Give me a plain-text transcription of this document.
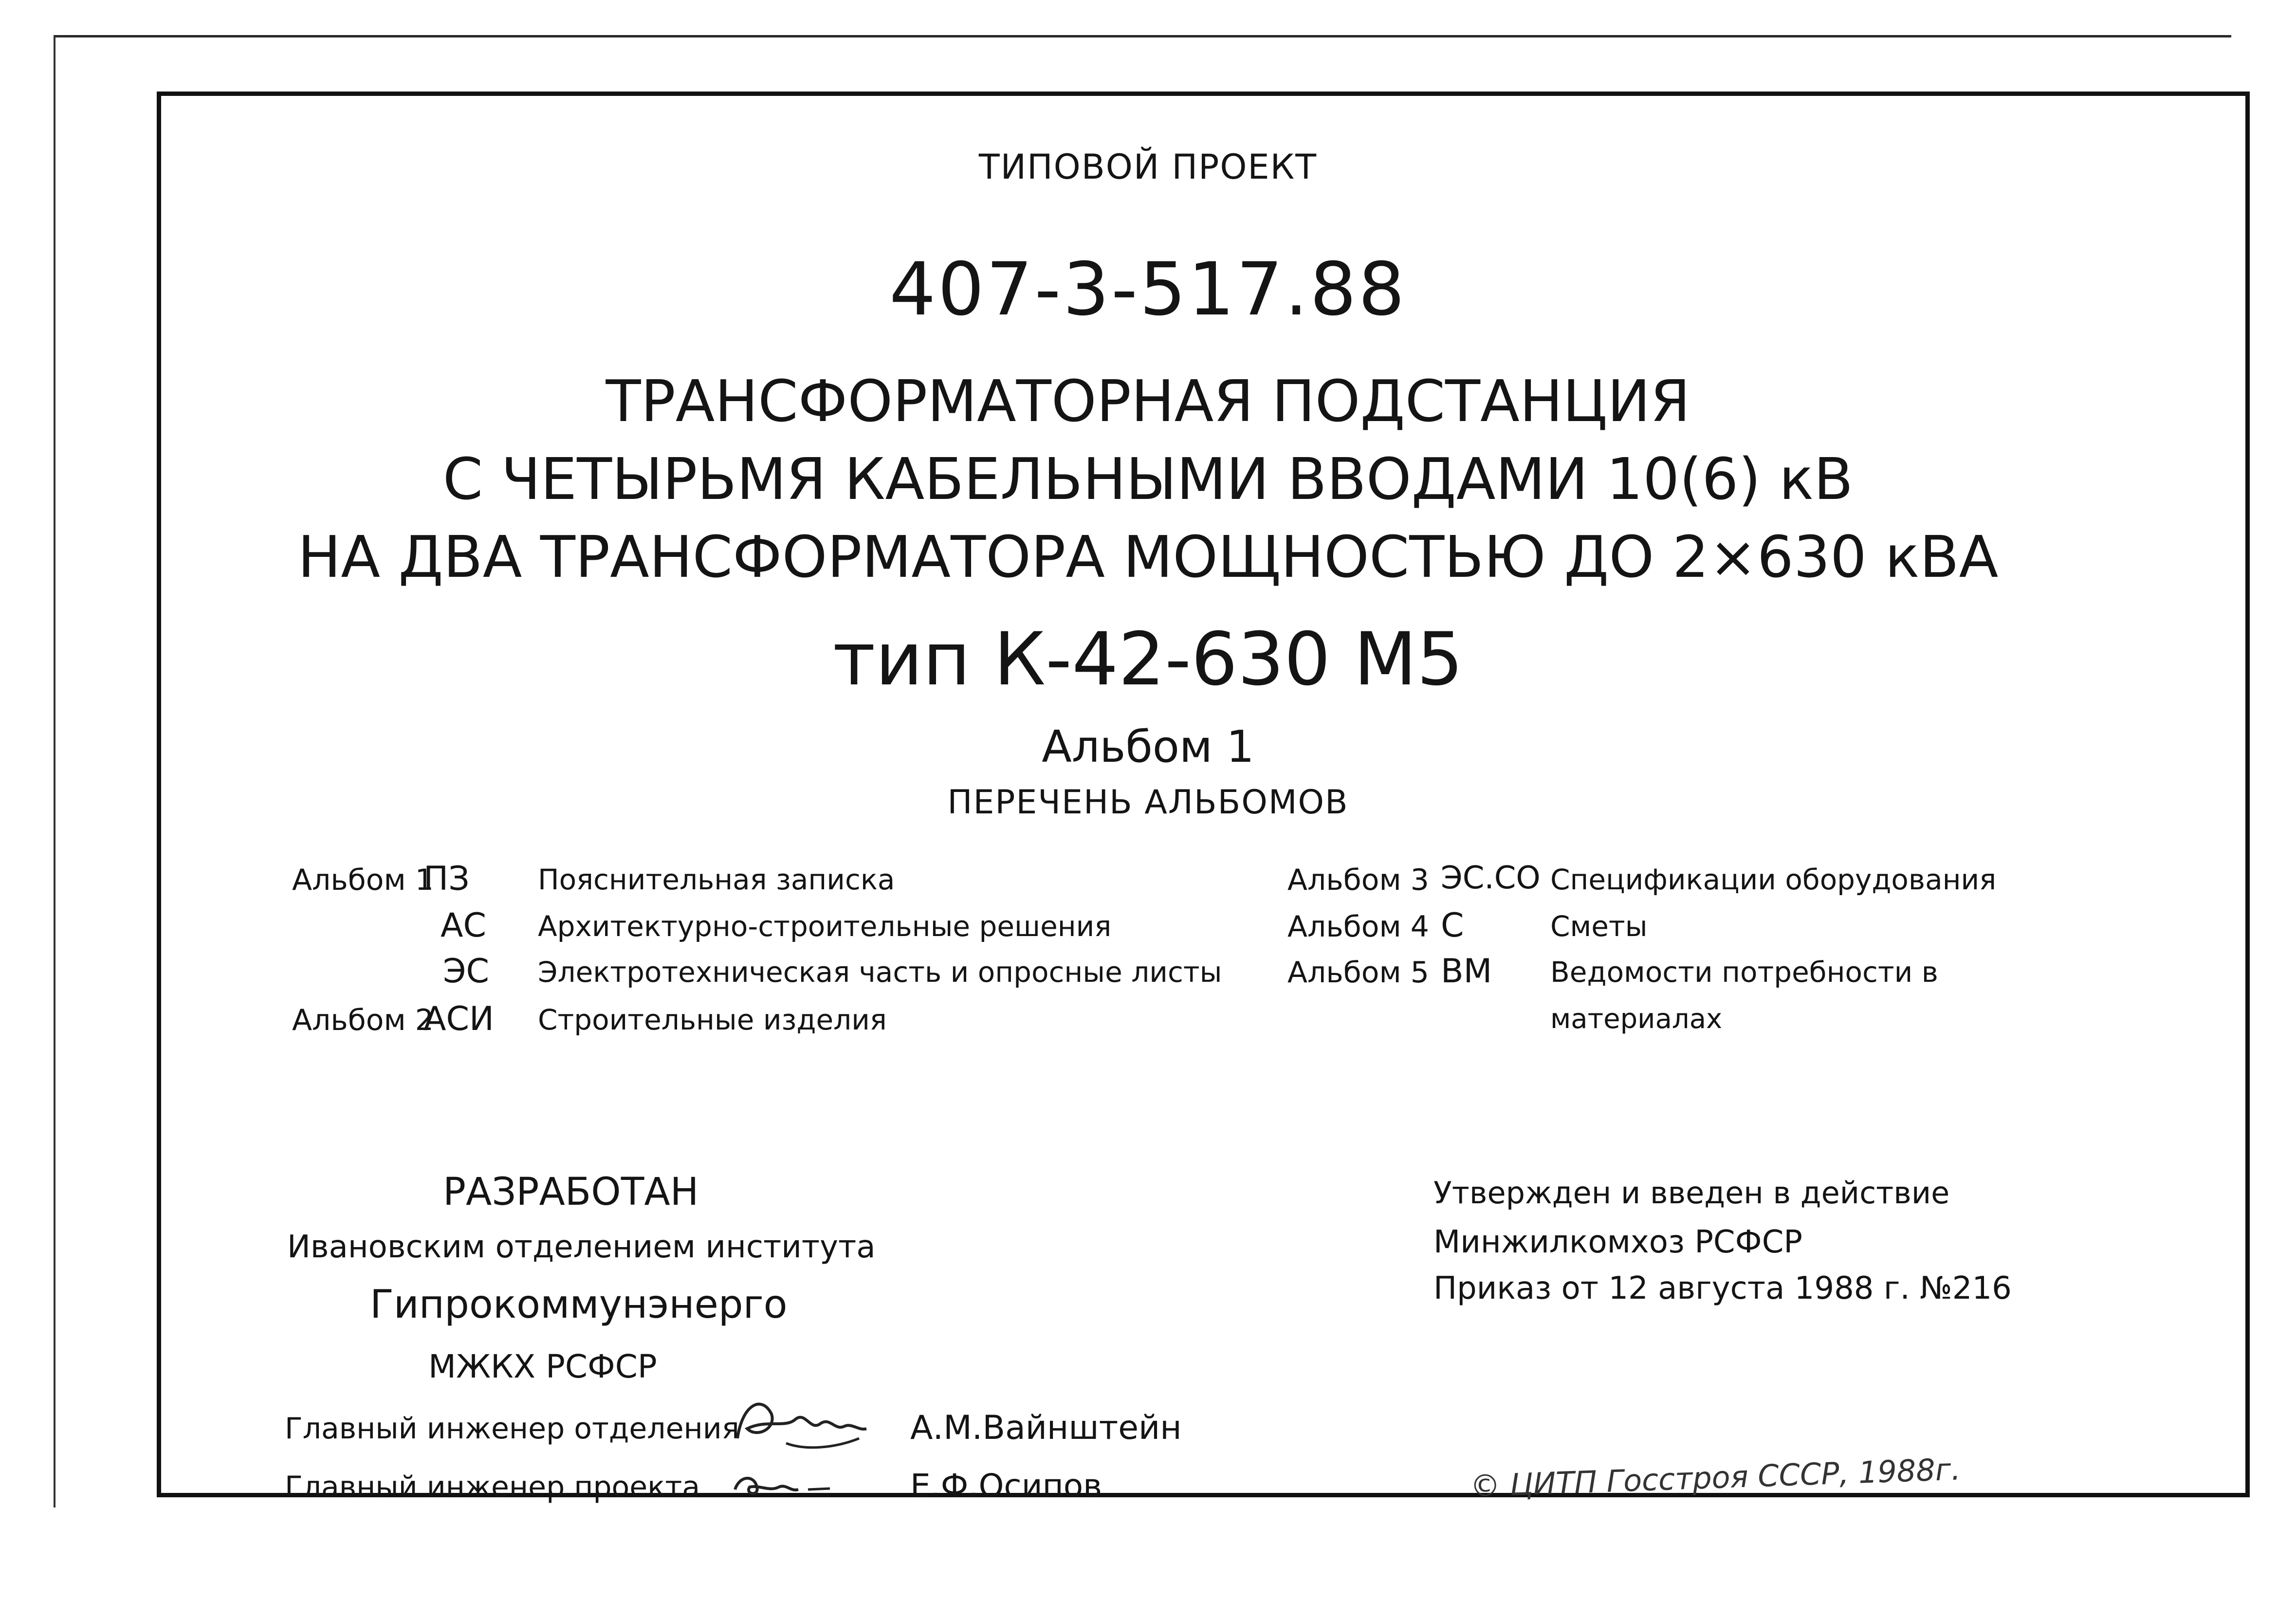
ТИПОВОЙ ПРОЕКТ
407-3-517.88
ТРАНСФОРМАТОРНАЯ ПОДСТАНЦИЯ
С ЧЕТЫРЬМЯ КАБЕЛЬНЫМИ ВВОДАМИ 10(6) кВ
НА ДВА ТРАНСФОРМАТОРА МОЩНОСТЬЮ ДО 2×630 кВА
тип К-42-630 М5
Альбом 1
ПЕРЕЧЕНЬ АЛЬБОМОВ
Альбом 1
ПЗ Пояснительная записка
АС Архитектурно-строительные решения
ЭС Электротехническая часть и опросные листы
Альбом 2
АСИ Строительные изделия
Альбом 3 ЭС.СО Спецификации оборудования
Альбом 4 С	Сметы
Альбом 5 ВМ Ведомости потребности в
материалах
РАЗРАБОТАН
Ивановским отделением института
Гипрокоммунэнерго
МЖКХ РСФСР
Главный инженер отделения	А.М.Вайнштейн
Главный инженер проекта	Е.Ф.Осипов
Утвержден и введен в действие
Минжилкомхоз РСФСР
Приказ от 12 августа 1988 г. №216
© ЦИТП Госстроя СССР, 1988г.
